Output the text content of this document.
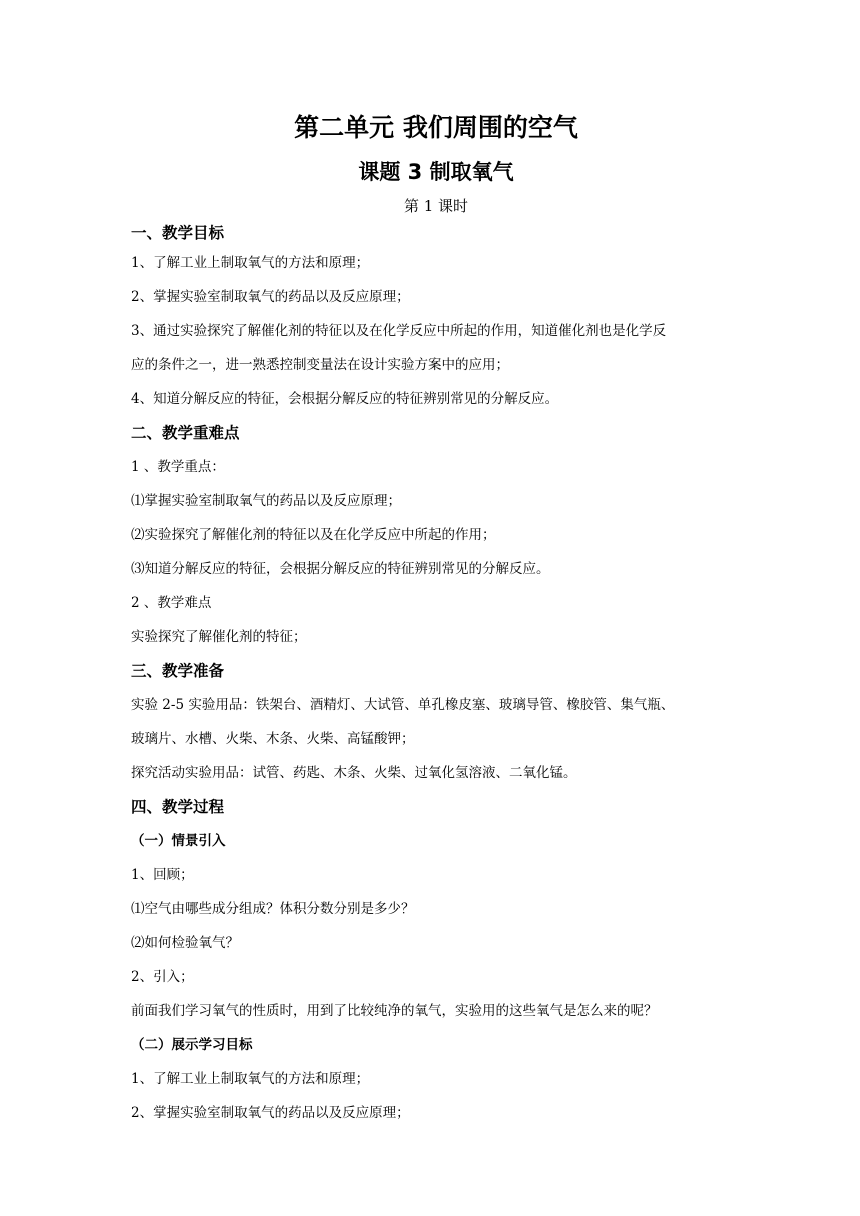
第二单元 我们周围的空气

课题 3 制取氧气

第 1 课时

一、教学目标

1、了解工业上制取氧气的方法和原理；

2、掌握实验室制取氧气的药品以及反应原理；

3、通过实验探究了解催化剂的特征以及在化学反应中所起的作用，知道催化剂也是化学反

应的条件之一，进一熟悉控制变量法在设计实验方案中的应用；

4、知道分解反应的特征，会根据分解反应的特征辨别常见的分解反应。

二、教学重难点

1 、教学重点：

⑴掌握实验室制取氧气的药品以及反应原理；

⑵实验探究了解催化剂的特征以及在化学反应中所起的作用；

⑶知道分解反应的特征，会根据分解反应的特征辨别常见的分解反应。

2 、教学难点

实验探究了解催化剂的特征；

三、教学准备

实验 2-5 实验用品：铁架台、酒精灯、大试管、单孔橡皮塞、玻璃导管、橡胶管、集气瓶、

玻璃片、水槽、火柴、木条、火柴、高锰酸钾；

探究活动实验用品：试管、药匙、木条、火柴、过氧化氢溶液、二氧化锰。

四、教学过程

（一）情景引入

1、回顾；

⑴空气由哪些成分组成？体积分数分别是多少？

⑵如何检验氧气？

2、引入；

前面我们学习氧气的性质时，用到了比较纯净的氧气，实验用的这些氧气是怎么来的呢？

（二）展示学习目标

1、了解工业上制取氧气的方法和原理；

2、掌握实验室制取氧气的药品以及反应原理；
